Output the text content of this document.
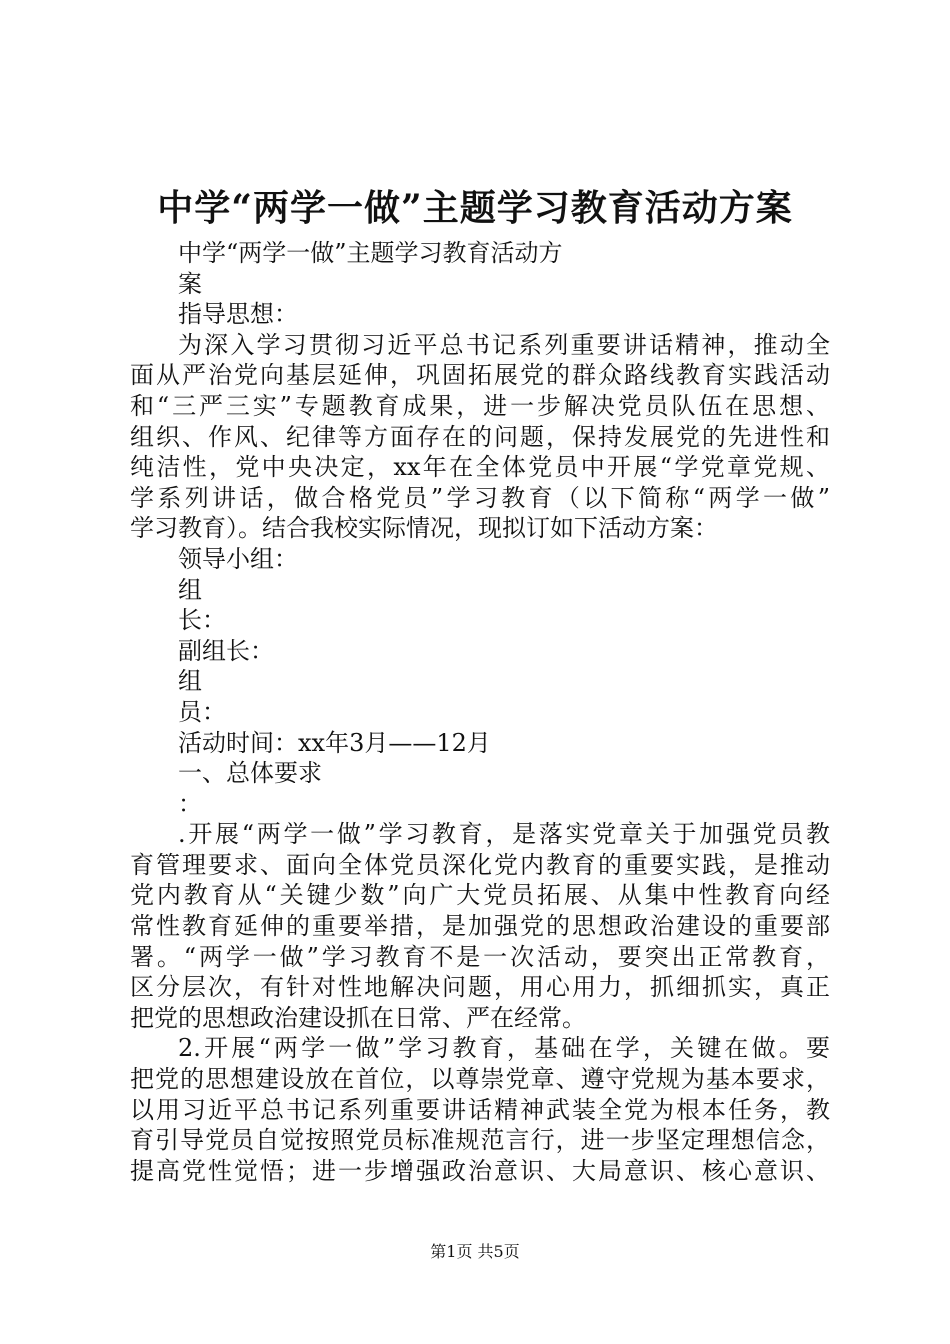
中学“两学一做”主题学习教育活动方案
中学“两学一做”主题学习教育活动方
案
指导思想：
为深入学习贯彻习近平总书记系列重要讲话精神，推动全
面从严治党向基层延伸，巩固拓展党的群众路线教育实践活动
和“三严三实”专题教育成果，进一步解决党员队伍在思想、
组织、作风、纪律等方面存在的问题，保持发展党的先进性和
纯洁性，党中央决定，xx年在全体党员中开展“学党章党规、
学系列讲话，做合格党员”学习教育（以下简称“两学一做”
学习教育）。结合我校实际情况，现拟订如下活动方案：
领导小组：
组
长：
副组长：
组
员：
活动时间：xx年3月——12月
一、总体要求
：
.开展“两学一做”学习教育，是落实党章关于加强党员教
育管理要求、面向全体党员深化党内教育的重要实践，是推动
党内教育从“关键少数”向广大党员拓展、从集中性教育向经
常性教育延伸的重要举措，是加强党的思想政治建设的重要部
署。“两学一做”学习教育不是一次活动，要突出正常教育，
区分层次，有针对性地解决问题，用心用力，抓细抓实，真正
把党的思想政治建设抓在日常、严在经常。
2.开展“两学一做”学习教育，基础在学，关键在做。要
把党的思想建设放在首位，以尊崇党章、遵守党规为基本要求，
以用习近平总书记系列重要讲话精神武装全党为根本任务，教
育引导党员自觉按照党员标准规范言行，进一步坚定理想信念，
提高党性觉悟；进一步增强政治意识、大局意识、核心意识、
第1页 共5页
